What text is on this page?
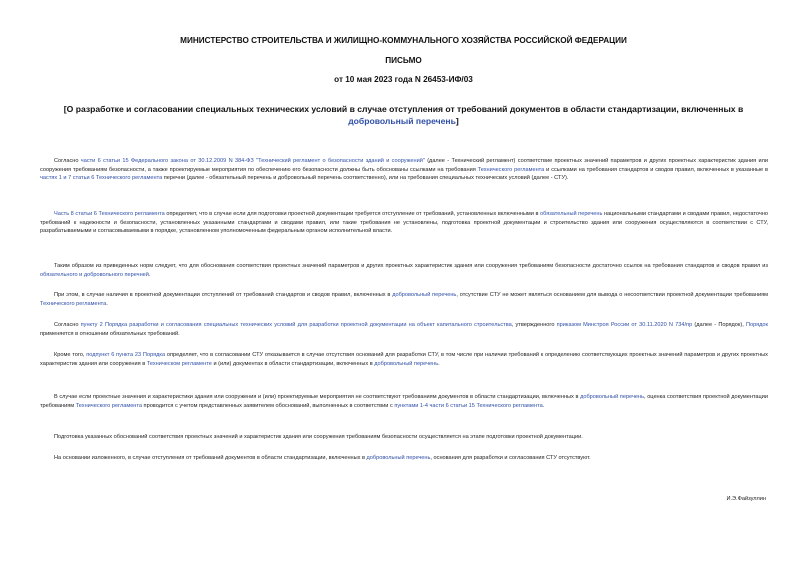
МИНИСТЕРСТВО СТРОИТЕЛЬСТВА И ЖИЛИЩНО-КОММУНАЛЬНОГО ХОЗЯЙСТВА РОССИЙСКОЙ ФЕДЕРАЦИИ
ПИСЬМО
от 10 мая 2023 года N 26453-ИФ/03
[О разработке и согласовании специальных технических условий в случае отступления от требований документов в области стандартизации, включенных в добровольный перечень]
Согласно части 6 статьи 15 Федерального закона от 30.12.2009 N 384-ФЗ "Технический регламент о безопасности зданий и сооружений" (далее - Технический регламент) соответствие проектных значений параметров и других проектных характеристик здания или сооружения требованиям безопасности, а также проектируемые мероприятия по обеспечению его безопасности должны быть обоснованы ссылками на требования Технического регламента и ссылками на требования стандартов и сводов правил, включенных в указанные в частях 1 и 7 статьи 6 Технического регламента перечни (далее - обязательный перечень и добровольный перечень соответственно), или на требования специальных технических условий (далее - СТУ).
Часть 8 статьи 6 Технического регламента определяет, что в случае если для подготовки проектной документации требуется отступление от требований, установленных включенными в обязательный перечень национальными стандартами и сводами правил, недостаточно требований к надежности и безопасности, установленных указанными стандартами и сводами правил, или такие требования не установлены, подготовка проектной документации и строительство здания или сооружения осуществляются в соответствии с СТУ, разрабатываемыми и согласовываемыми в порядке, установленном уполномоченным федеральным органом исполнительной власти.
Таким образом из приведенных норм следует, что для обоснования соответствия проектных значений параметров и других проектных характеристик здания или сооружения требованиям безопасности достаточно ссылок на требования стандартов и сводов правил из обязательного и добровольного перечней.
При этом, в случае наличия в проектной документации отступлений от требований стандартов и сводов правил, включенных в добровольный перечень, отсутствие СТУ не может являться основанием для вывода о несоответствии проектной документации требованиям Технического регламента.
Согласно пункту 2 Порядка разработки и согласования специальных технических условий для разработки проектной документации на объект капитального строительства, утвержденного приказом Минстроя России от 30.11.2020 N 734/пр (далее - Порядок), Порядок применяется в отношении обязательных требований.
Кроме того, подпункт 6 пункта 23 Порядка определяет, что в согласовании СТУ отказывается в случае отсутствия оснований для разработки СТУ, в том числе при наличии требований к определению соответствующих проектных значений параметров и других проектных характеристик здания или сооружения в Техническом регламенте и (или) документах в области стандартизации, включенных в добровольный перечень.
В случае если проектные значения и характеристики здания или сооружения и (или) проектируемые мероприятия не соответствуют требованиям документов в области стандартизации, включенных в добровольный перечень, оценка соответствия проектной документации требованиям Технического регламента проводится с учетом представленных заявителем обоснований, выполненных в соответствии с пунктами 1-4 части 6 статьи 15 Технического регламента.
Подготовка указанных обоснований соответствия проектных значений и характеристик здания или сооружения требованиям безопасности осуществляется на этапе подготовки проектной документации.
На основании изложенного, в случае отступления от требований документов в области стандартизации, включенных в добровольный перечень, основания для разработки и согласования СТУ отсутствуют.
И.Э.Файзуллин
